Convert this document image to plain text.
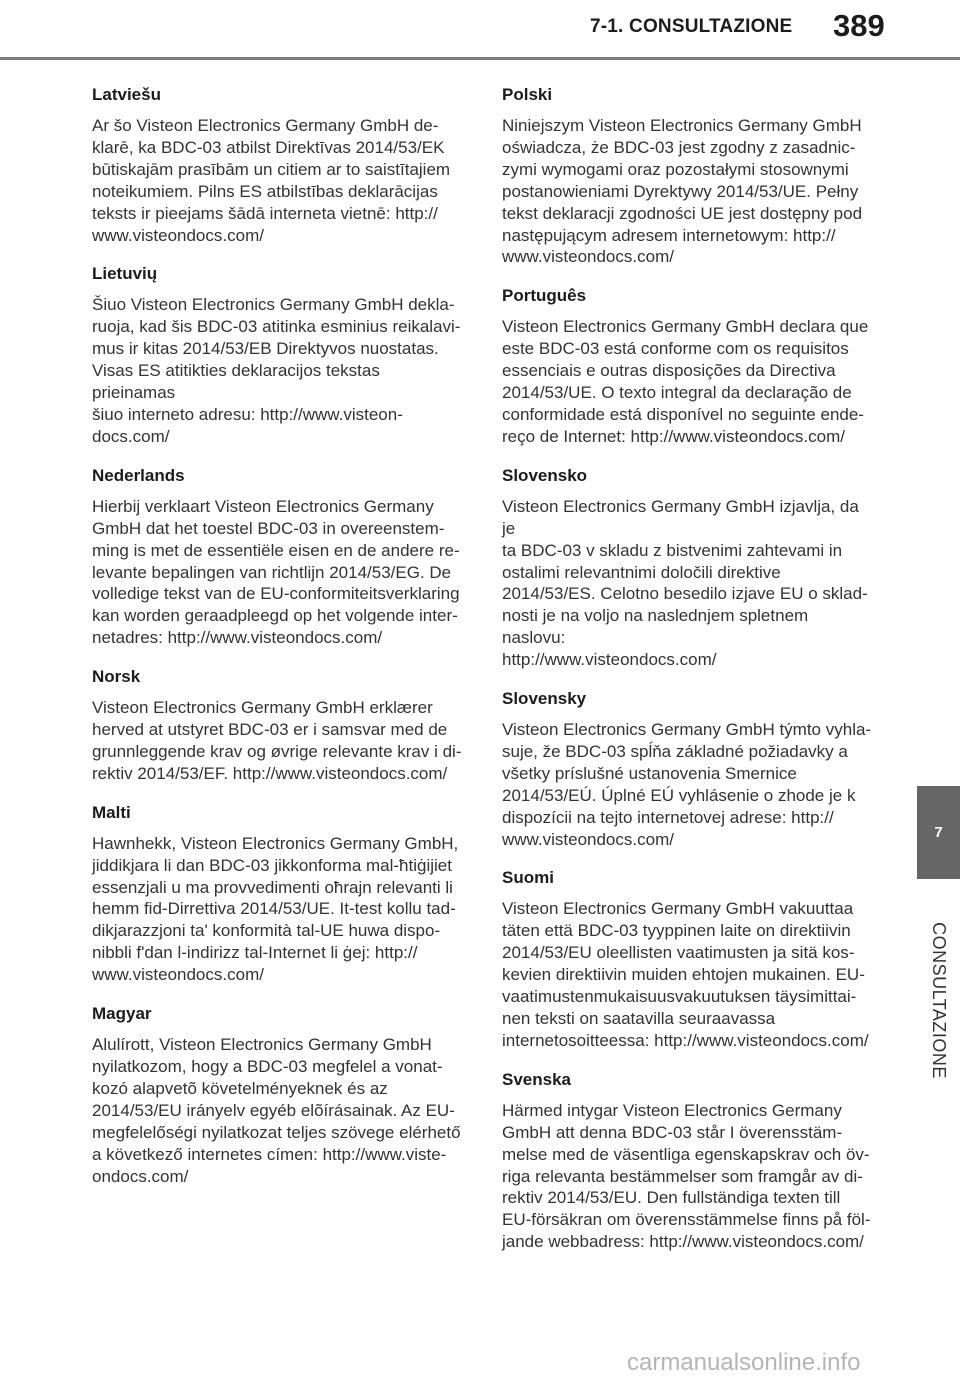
7-1. CONSULTAZIONE 389
Latviešu

Ar šo Visteon Electronics Germany GmbH de-
klarē, ka BDC-03 atbilst Direktīvas 2014/53/EK
būtiskajām prasībām un citiem ar to saistītajiem
noteikumiem. Pilns ES atbilstības deklarācijas
teksts ir pieejams šādā interneta vietnē: http://
www.visteondocs.com/

Lietuvių

Šiuo Visteon Electronics Germany GmbH dekla-
ruoja, kad šis BDC-03 atitinka esminius reikalavi-
mus ir kitas 2014/53/EB Direktyvos nuostatas.
Visas ES atitikties deklaracijos tekstas prieinamas
šiuo interneto adresu: http://www.visteon-
docs.com/

Nederlands

Hierbij verklaart Visteon Electronics Germany
GmbH dat het toestel BDC-03 in overeenstem-
ming is met de essentiële eisen en de andere re-
levante bepalingen van richtlijn 2014/53/EG. De
volledige tekst van de EU-conformiteitsverklaring
kan worden geraadpleegd op het volgende inter-
netadres: http://www.visteondocs.com/

Norsk

Visteon Electronics Germany GmbH erklærer
herved at utstyret BDC-03 er i samsvar med de
grunnleggende krav og øvrige relevante krav i di-
rektiv 2014/53/EF. http://www.visteondocs.com/

Malti

Hawnhekk, Visteon Electronics Germany GmbH,
jiddikjara li dan BDC-03 jikkonforma mal-ħtiġijiet
essenzjali u ma provvedimenti oħrajn relevanti li
hemm fid-Dirrettiva 2014/53/UE. It-test kollu tad-
dikjarazzjoni ta' konformità tal-UE huwa dispo-
nibbli f'dan l-indirizz tal-Internet li ġej: http://
www.visteondocs.com/

Magyar

Alulírott, Visteon Electronics Germany GmbH
nyilatkozom, hogy a BDC-03 megfelel a vonat-
kozó alapvetõ követelményeknek és az
2014/53/EU irányelv egyéb elõírásainak. Az EU-
megfelelőségi nyilatkozat teljes szövege elérhető
a következő internetes címen: http://www.viste-
ondocs.com/

Polski

Niniejszym Visteon Electronics Germany GmbH
oświadcza, że BDC-03 jest zgodny z zasadnic-
zymi wymogami oraz pozostałymi stosownymi
postanowieniami Dyrektywy 2014/53/UE. Pełny
tekst deklaracji zgodności UE jest dostępny pod
następującym adresem internetowym: http://
www.visteondocs.com/

Português

Visteon Electronics Germany GmbH declara que
este BDC-03 está conforme com os requisitos
essenciais e outras disposições da Directiva
2014/53/UE. O texto integral da declaração de
conformidade está disponível no seguinte ende-
reço de Internet: http://www.visteondocs.com/

Slovensko

Visteon Electronics Germany GmbH izjavlja, da je
ta BDC-03 v skladu z bistvenimi zahtevami in
ostalimi relevantnimi določili direktive
2014/53/ES. Celotno besedilo izjave EU o sklad-
nosti je na voljo na naslednjem spletnem naslovu:
http://www.visteondocs.com/

Slovensky

Visteon Electronics Germany GmbH týmto vyhla-
suje, že BDC-03 spĺňa základné požiadavky a
všetky príslušné ustanovenia Smernice
2014/53/EÚ. Úplné EÚ vyhlásenie o zhode je k
dispozícii na tejto internetovej adrese: http://
www.visteondocs.com/

Suomi

Visteon Electronics Germany GmbH vakuuttaa
täten että BDC-03 tyyppinen laite on direktiivin
2014/53/EU oleellisten vaatimusten ja sitä kos-
kevien direktiivin muiden ehtojen mukainen. EU-
vaatimustenmukaisuusvakuutuksen täysimittai-
nen teksti on saatavilla seuraavassa
internetosoitteessa: http://www.visteondocs.com/

Svenska

Härmed intygar Visteon Electronics Germany
GmbH att denna BDC-03 står I överensstäm-
melse med de väsentliga egenskapskrav och öv-
riga relevanta bestämmelser som framgår av di-
rektiv 2014/53/EU. Den fullständiga texten till
EU-försäkran om överensstämmelse finns på föl-
jande webbadress: http://www.visteondocs.com/

7
CONSULTAZIONE
carmanualsonline.info
